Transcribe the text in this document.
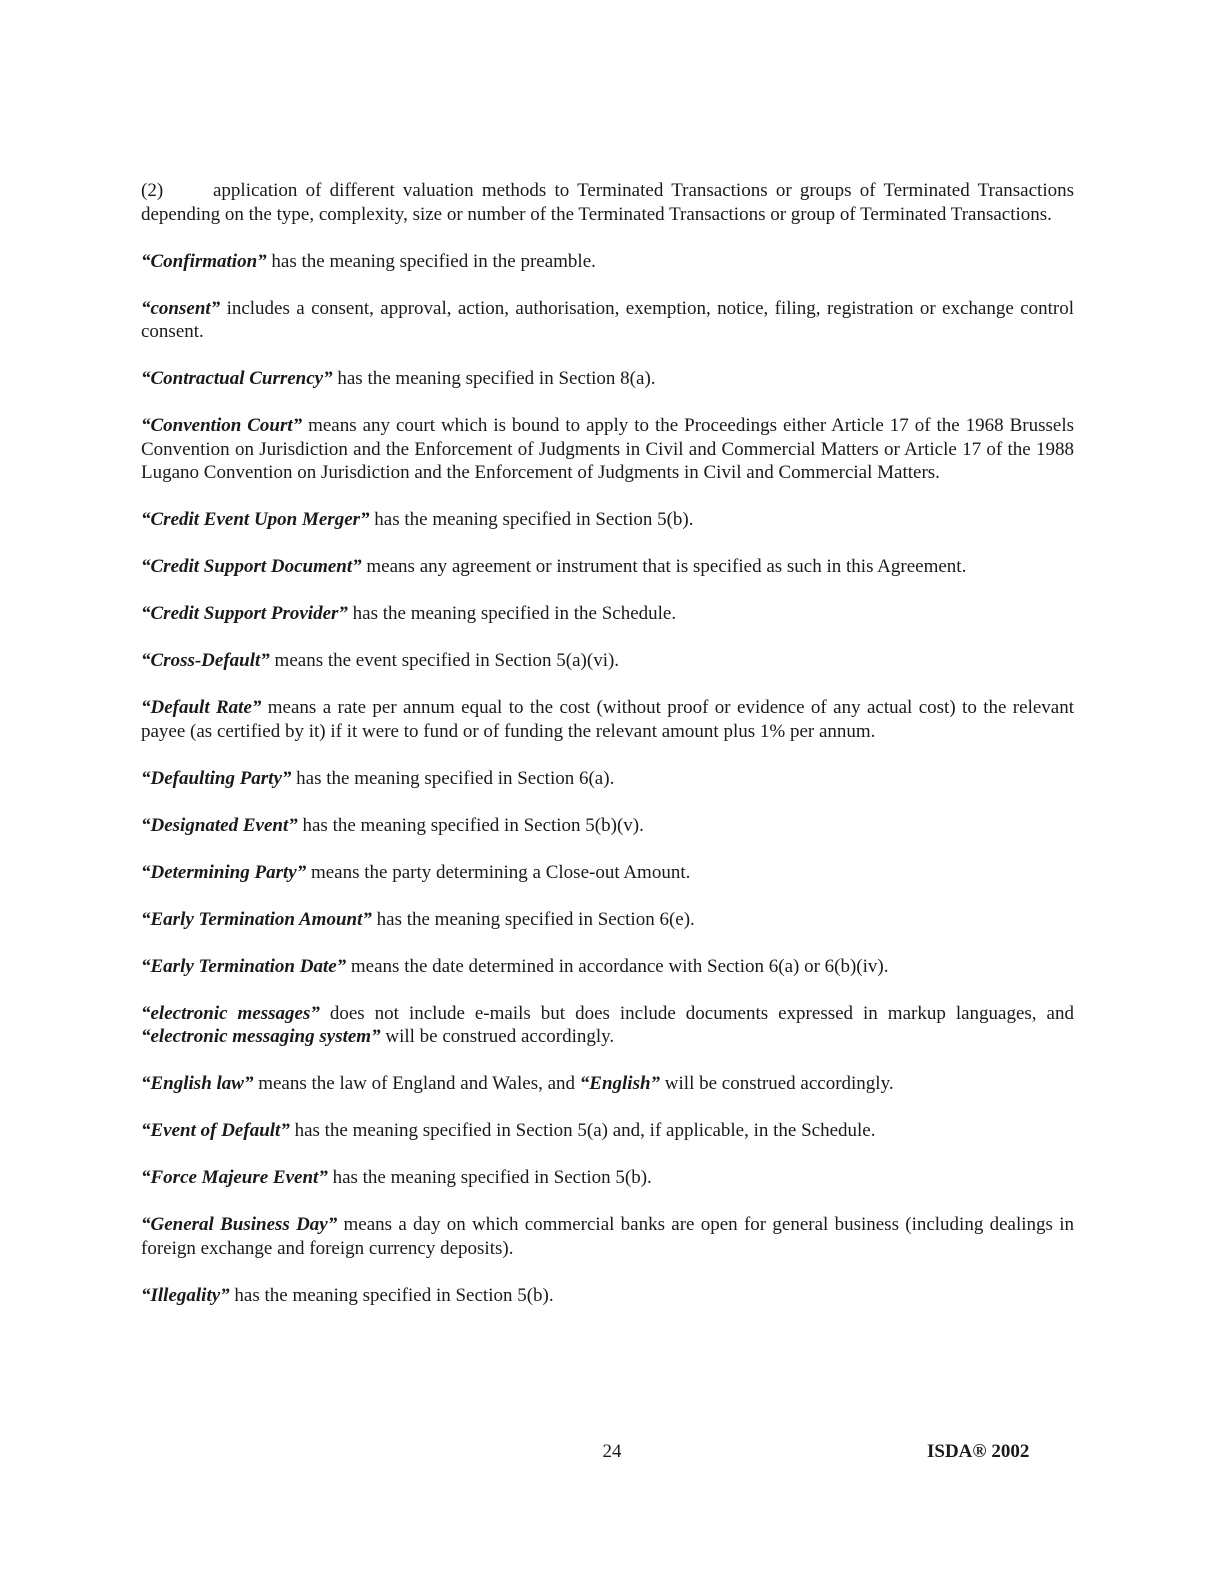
(2)	application of different valuation methods to Terminated Transactions or groups of Terminated Transactions depending on the type, complexity, size or number of the Terminated Transactions or group of Terminated Transactions.

“Confirmation” has the meaning specified in the preamble.

“consent” includes a consent, approval, action, authorisation, exemption, notice, filing, registration or exchange control consent.

“Contractual Currency” has the meaning specified in Section 8(a).

“Convention Court” means any court which is bound to apply to the Proceedings either Article 17 of the 1968 Brussels Convention on Jurisdiction and the Enforcement of Judgments in Civil and Commercial Matters or Article 17 of the 1988 Lugano Convention on Jurisdiction and the Enforcement of Judgments in Civil and Commercial Matters.

“Credit Event Upon Merger” has the meaning specified in Section 5(b).

“Credit Support Document” means any agreement or instrument that is specified as such in this Agreement.

“Credit Support Provider” has the meaning specified in the Schedule.

“Cross-Default” means the event specified in Section 5(a)(vi).

“Default Rate” means a rate per annum equal to the cost (without proof or evidence of any actual cost) to the relevant payee (as certified by it) if it were to fund or of funding the relevant amount plus 1% per annum.

“Defaulting Party” has the meaning specified in Section 6(a).

“Designated Event” has the meaning specified in Section 5(b)(v).

“Determining Party” means the party determining a Close-out Amount.

“Early Termination Amount” has the meaning specified in Section 6(e).

“Early Termination Date” means the date determined in accordance with Section 6(a) or 6(b)(iv).

“electronic messages” does not include e-mails but does include documents expressed in markup languages, and “electronic messaging system” will be construed accordingly.

“English law” means the law of England and Wales, and “English” will be construed accordingly.

“Event of Default” has the meaning specified in Section 5(a) and, if applicable, in the Schedule.

“Force Majeure Event” has the meaning specified in Section 5(b).

“General Business Day” means a day on which commercial banks are open for general business (including dealings in foreign exchange and foreign currency deposits).

“Illegality” has the meaning specified in Section 5(b).

24	ISDA® 2002
